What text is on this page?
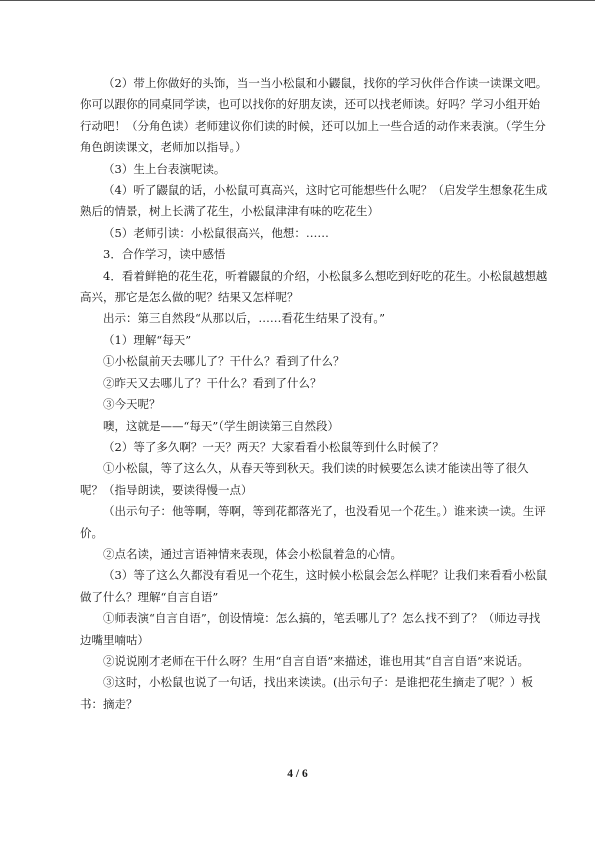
（2）带上你做好的头饰，当一当小松鼠和小鼹鼠，找你的学习伙伴合作读一读课文吧。你可以跟你的同桌同学读，也可以找你的好朋友读，还可以找老师读。好吗？学习小组开始行动吧！（分角色读）老师建议你们读的时候，还可以加上一些合适的动作来表演。（学生分角色朗读课文，老师加以指导。）

（3）生上台表演呢读。

（4）听了鼹鼠的话，小松鼠可真高兴，这时它可能想些什么呢？（启发学生想象花生成熟后的情景，树上长满了花生，小松鼠津津有味的吃花生）

（5）老师引读：小松鼠很高兴，他想：……

3．合作学习，读中感悟

4．看着鲜艳的花生花，听着鼹鼠的介绍，小松鼠多么想吃到好吃的花生。小松鼠越想越高兴，那它是怎么做的呢？结果又怎样呢？

出示：第三自然段“从那以后，……看花生结果了没有。”

（1）理解“每天”

①小松鼠前天去哪儿了？干什么？看到了什么？

②昨天又去哪儿了？干什么？看到了什么？

③今天呢？

噢，这就是——“每天”（学生朗读第三自然段）

（2）等了多久啊？一天？两天？大家看看小松鼠等到什么时候了？

①小松鼠，等了这么久，从春天等到秋天。我们读的时候要怎么读才能读出等了很久呢？（指导朗读，要读得慢一点）

（出示句子：他等啊，等啊，等到花都落光了，也没看见一个花生。）谁来读一读。生评价。

②点名读，通过言语神情来表现，体会小松鼠着急的心情。

（3）等了这么久都没有看见一个花生，这时候小松鼠会怎么样呢？让我们来看看小松鼠做了什么？理解“自言自语”

①师表演“自言自语”，创设情境：怎么搞的，笔丢哪儿了？怎么找不到了？（师边寻找边嘴里喃咕）

②说说刚才老师在干什么呀？生用“自言自语”来描述，谁也用其“自言自语”来说话。

③这时，小松鼠也说了一句话，找出来读读。(出示句子：是谁把花生摘走了呢？）板书：摘走？

4 / 6
